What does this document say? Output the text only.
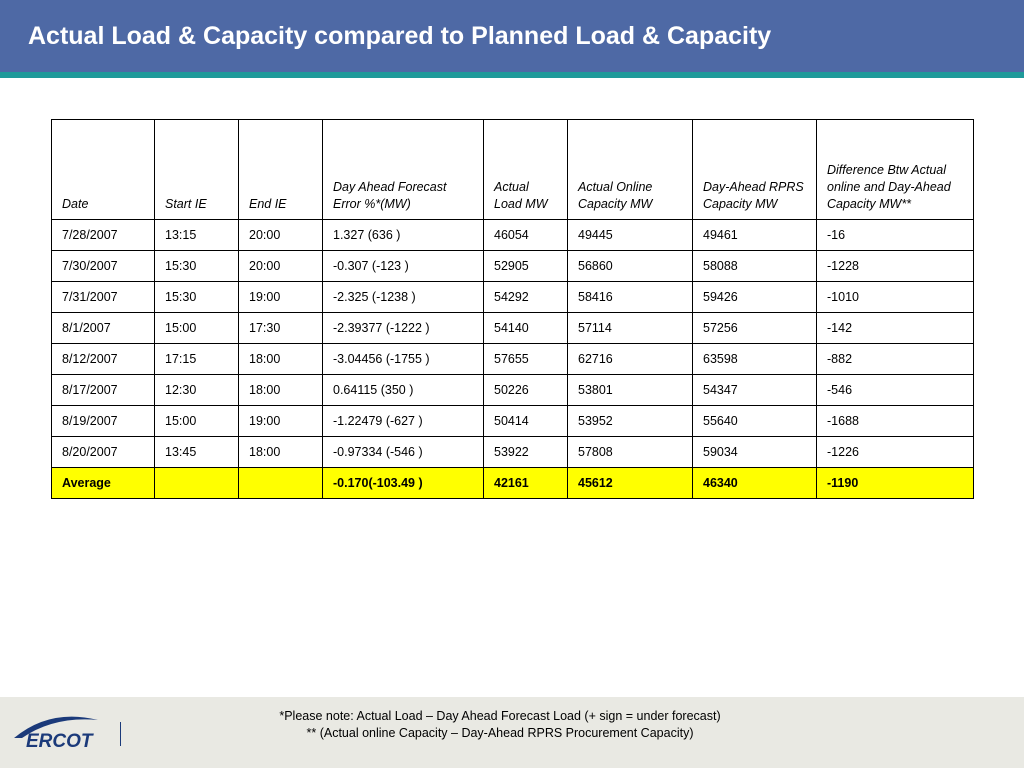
Actual Load & Capacity compared to Planned Load & Capacity
Date	Start IE	End IE	Day Ahead Forecast Error %*(MW)	Actual Load MW	Actual Online Capacity MW	Day-Ahead RPRS Capacity MW	Difference Btw Actual online and Day-Ahead Capacity MW**
7/28/2007	13:15	20:00	1.327 (636 )	46054	49445	49461	-16
7/30/2007	15:30	20:00	-0.307 (-123 )	52905	56860	58088	-1228
7/31/2007	15:30	19:00	-2.325 (-1238 )	54292	58416	59426	-1010
8/1/2007	15:00	17:30	-2.39377 (-1222 )	54140	57114	57256	-142
8/12/2007	17:15	18:00	-3.04456 (-1755 )	57655	62716	63598	-882
8/17/2007	12:30	18:00	0.64115 (350 )	50226	53801	54347	-546
8/19/2007	15:00	19:00	-1.22479 (-627 )	50414	53952	55640	-1688
8/20/2007	13:45	18:00	-0.97334 (-546 )	53922	57808	59034	-1226
Average			-0.170(-103.49 )	42161	45612	46340	-1190
ERCOT
*Please note: Actual Load – Day Ahead Forecast Load (+ sign = under forecast)
** (Actual online Capacity – Day-Ahead RPRS Procurement Capacity)
